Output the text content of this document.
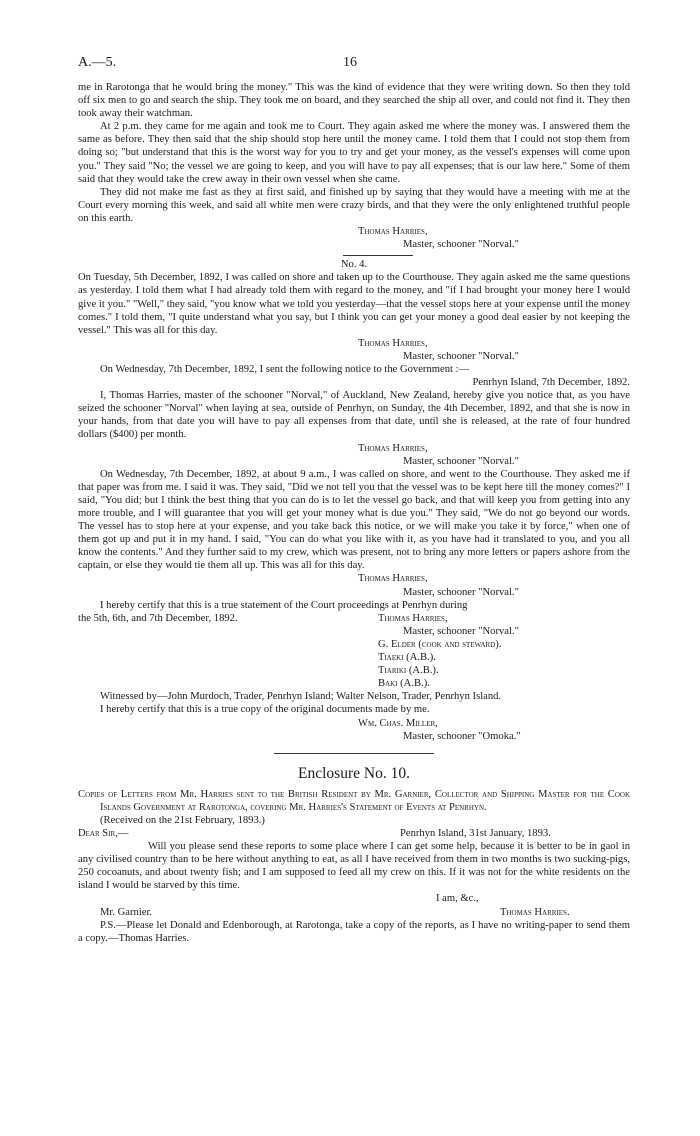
A.—5.	16

me in Rarotonga that he would bring the money." This was the kind of evidence that they were writing down. So then they told off six men to go and search the ship. They took me on board, and they searched the ship all over, and could not find it. They then took away their watchman.

At 2 p.m. they came for me again and took me to Court. They again asked me where the money was. I answered them the same as before. They then said that the ship should stop here until the money came. I told them that I could not stop them from doing so; "but understand that this is the worst way for you to try and get your money, as the vessel's expenses will come upon you." They said "No; the vessel we are going to keep, and you will have to pay all expenses; that is our law here." Some of them said that they would take the crew away in their own vessel when she came.

They did not make me fast as they at first said, and finished up by saying that they would have a meeting with me at the Court every morning this week, and said all white men were crazy birds, and that they were the only enlightened truthful people on this earth.

Thomas Harries,

Master, schooner "Norval."

No. 4.

On Tuesday, 5th December, 1892, I was called on shore and taken up to the Courthouse. They again asked me the same questions as yesterday. I told them what I had already told them with regard to the money, and "if I had brought your money here I would give it you." "Well," they said, "you know what we told you yesterday—that the vessel stops here at your expense until the money comes." I told them, "I quite understand what you say, but I think you can get your money a good deal easier by not keeping the vessel." This was all for this day.

Thomas Harries,

Master, schooner "Norval."

On Wednesday, 7th December, 1892, I sent the following notice to the Government :—

Penrhyn Island, 7th December, 1892.

I, Thomas Harries, master of the schooner "Norval," of Auckland, New Zealand, hereby give you notice that, as you have seized the schooner "Norval" when laying at sea, outside of Penrhyn, on Sunday, the 4th December, 1892, and that she is now in your hands, from that date you will have to pay all expenses from that date, until she is released, at the rate of four hundred dollars ($400) per month.

Thomas Harries,

Master, schooner "Norval."

On Wednesday, 7th December, 1892, at about 9 a.m., I was called on shore, and went to the Courthouse. They asked me if that paper was from me. I said it was. They said, "Did we not tell you that the vessel was to be kept here till the money comes?" I said, "You did; but I think the best thing that you can do is to let the vessel go back, and that will keep you from getting into any more trouble, and I will guarantee that you will get your money what is due you." They said, "We do not go beyond our words. The vessel has to stop here at your expense, and you take back this notice, or we will make you take it by force," when one of them got up and put it in my hand. I said, "You can do what you like with it, as you have had it translated to you, and you all know the contents." And they further said to my crew, which was present, not to bring any more letters or papers ashore from the captain, or else they would tie them all up. This was all for this day.

Thomas Harries,

Master, schooner "Norval."

I hereby certify that this is a true statement of the Court proceedings at Penrhyn during

the 5th, 6th, and 7th December, 1892.	Thomas Harries,

Master, schooner "Norval."

G. Elder (cook and steward).

Tiaeki (A.B.).

Tiariki (A.B.).

Baki (A.B.).

Witnessed by—John Murdoch, Trader, Penrhyn Island; Walter Nelson, Trader, Penrhyn Island.

I hereby certify that this is a true copy of the original documents made by me.

Wm. Chas. Miller,

Master, schooner "Omoka."

Enclosure No. 10.

Copies of Letters from Mr. Harries sent to the British Resident by Mr. Garnier, Collector and Shipping Master for the Cook Islands Government at Rarotonga, covering Mr. Harries's Statement of Events at Penrhyn.

(Received on the 21st February, 1893.)

Dear Sir,—	Penrhyn Island, 31st January, 1893.

Will you please send these reports to some place where I can get some help, because it is better to be in gaol in any civilised country than to be here without anything to eat, as all I have received from them in two months is two sucking-pigs, 250 cocoanuts, and about twenty fish; and I am supposed to feed all my crew on this. If it was not for the white residents on the island I would be starved by this time.

I am, &c.,

Mr. Garnier.	Thomas Harries.

P.S.—Please let Donald and Edenborough, at Rarotonga, take a copy of the reports, as I have no writing-paper to send them a copy.—Thomas Harries.
